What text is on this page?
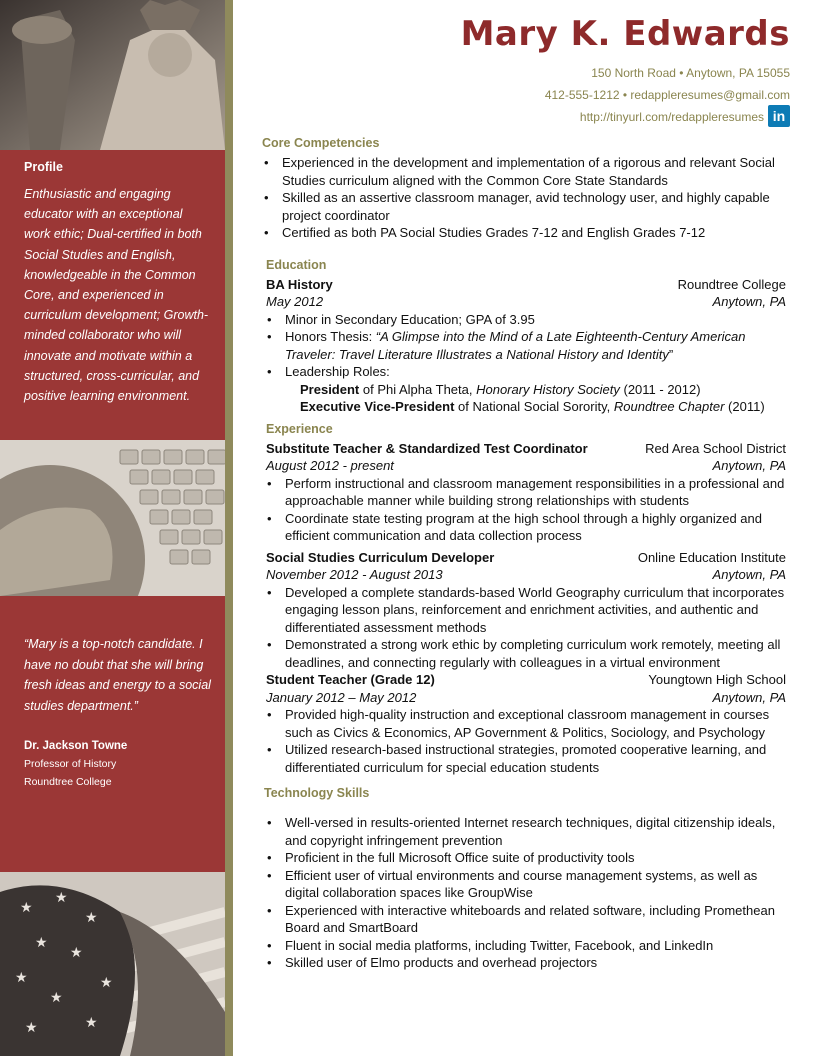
Profile
Enthusiastic and engaging educator with an exceptional work ethic; Dual-certified in both Social Studies and English, knowledgeable in the Common Core, and experienced in curriculum development; Growth-minded collaborator who will innovate and motivate within a structured, cross-curricular, and positive learning environment.
“Mary is a top-notch candidate. I have no doubt that she will bring fresh ideas and energy to a social studies department.”
Dr. Jackson Towne
Professor of History
Roundtree College
★
★
★
★
★
★	★
★
★
★
Mary K. Edwards
150 North Road • Anytown, PA 15055
412-555-1212 • redappleresumes@gmail.com
http://tinyurl.com/redappleresumes in
Core Competencies
• Experienced in the development and implementation of a rigorous and relevant Social Studies curriculum aligned with the Common Core State Standards
• Skilled as an assertive classroom manager, avid technology user, and highly capable project coordinator
• Certified as both PA Social Studies Grades 7-12 and English Grades 7-12
Education
BA History	Roundtree College
May 2012	Anytown, PA
• Minor in Secondary Education; GPA of 3.95
• Honors Thesis: “A Glimpse into the Mind of a Late Eighteenth-Century American Traveler: Travel Literature Illustrates a National History and Identity”
• Leadership Roles:
President of Phi Alpha Theta, Honorary History Society (2011 - 2012)
Executive Vice-President of National Social Sorority, Roundtree Chapter (2011)
Experience
Substitute Teacher & Standardized Test Coordinator	Red Area School District
August 2012 - present	Anytown, PA
• Perform instructional and classroom management responsibilities in a professional and approachable manner while building strong relationships with students
• Coordinate state testing program at the high school through a highly organized and efficient communication and data collection process
Social Studies Curriculum Developer	Online Education Institute
November 2012 - August 2013	Anytown, PA
• Developed a complete standards-based World Geography curriculum that incorporates engaging lesson plans, reinforcement and enrichment activities, and authentic and differentiated assessment methods
• Demonstrated a strong work ethic by completing curriculum work remotely, meeting all deadlines, and connecting regularly with colleagues in a virtual environment
Student Teacher (Grade 12)	Youngtown High School
January 2012 – May 2012	Anytown, PA
• Provided high-quality instruction and exceptional classroom management in courses such as Civics & Economics, AP Government & Politics, Sociology, and Psychology
• Utilized research-based instructional strategies, promoted cooperative learning, and differentiated curriculum for special education students
Technology Skills
• Well-versed in results-oriented Internet research techniques, digital citizenship ideals, and copyright infringement prevention
• Proficient in the full Microsoft Office suite of productivity tools
• Efficient user of virtual environments and course management systems, as well as digital collaboration spaces like GroupWise
• Experienced with interactive whiteboards and related software, including Promethean Board and SmartBoard
• Fluent in social media platforms, including Twitter, Facebook, and LinkedIn
• Skilled user of Elmo products and overhead projectors
